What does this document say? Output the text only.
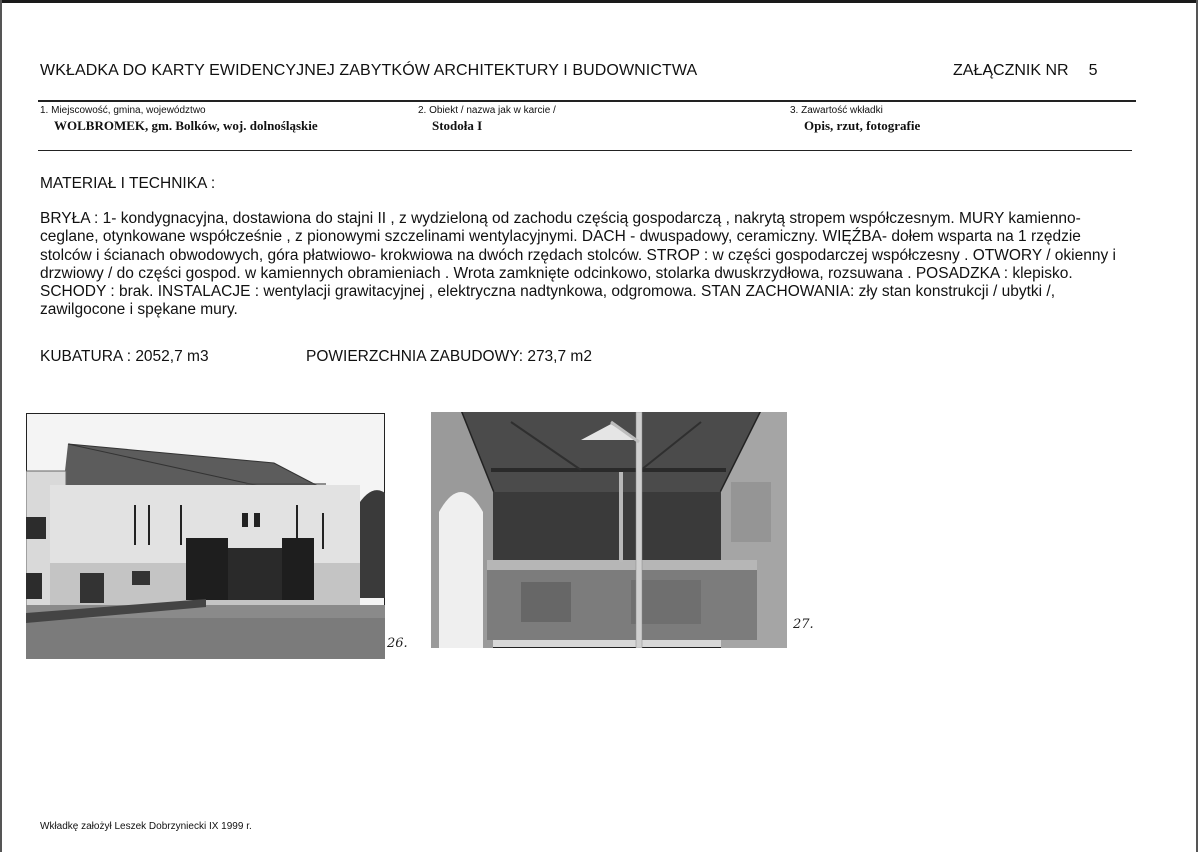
WKŁADKA DO KARTY EWIDENCYJNEJ ZABYTKÓW ARCHITEKTURY I BUDOWNICTWA	ZAŁĄCZNIK NR 5
1. Miejscowość, gmina, województwo
WOLBROMEK, gm. Bolków, woj. dolnośląskie
2. Obiekt / nazwa jak w karcie /
Stodoła I
3. Zawartość wkładki
Opis, rzut, fotografie
MATERIAŁ I TECHNIKA :
BRYŁA : 1- kondygnacyjna, dostawiona do stajni II , z wydzieloną od zachodu częścią gospodarczą , nakrytą stropem współczesnym. MURY kamienno-ceglane, otynkowane współcześnie , z pionowymi szczelinami wentylacyjnymi. DACH - dwuspadowy, ceramiczny. WIĘŹBA- dołem wsparta na 1 rzędzie stolców i ścianach obwodowych, góra płatwiowo- krokwiowa na dwóch rzędach stolców. STROP : w części gospodarczej współczesny . OTWORY / okienny i drzwiowy / do części gospod. w kamiennych obramieniach . Wrota zamknięte odcinkowo, stolarka dwuskrzydłowa, rozsuwana . POSADZKA : klepisko. SCHODY : brak. INSTALACJE : wentylacji grawitacyjnej , elektryczna nadtynkowa, odgromowa. STAN ZACHOWANIA: zły stan konstrukcji / ubytki /, zawilgocone i spękane mury.
KUBATURA : 2052,7 m3	POWIERZCHNIA ZABUDOWY: 273,7 m2
26.
27.
Wkładkę założył Leszek Dobrzyniecki IX 1999 r.
